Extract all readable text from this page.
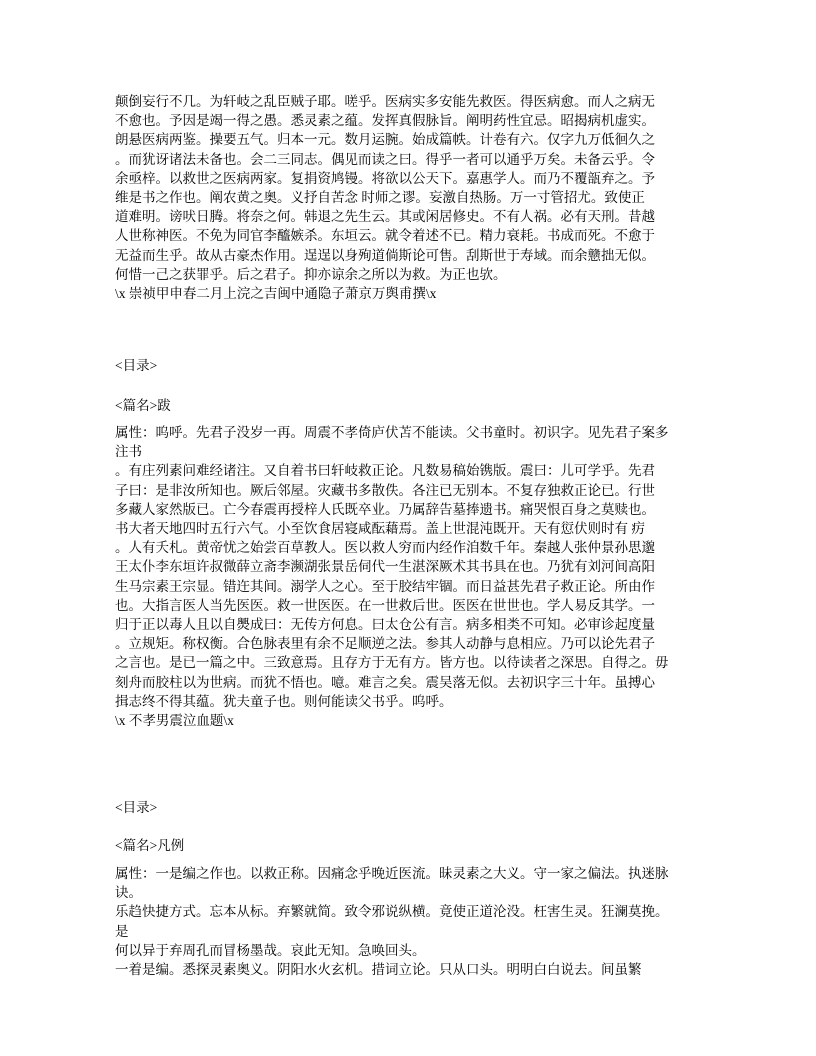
颠倒妄行不几。为轩岐之乱臣贼子耶。嗟乎。医病实多安能先救医。得医病愈。而人之病无
不愈也。予因是竭一得之愚。悉灵素之蕴。发挥真假脉旨。阐明药性宜忌。昭揭病机虚实。
朗悬医病两鉴。操要五气。归本一元。数月运腕。始成篇帙。计卷有六。仅字九万低徊久之
。而犹讶诸法未备也。会二三同志。偶见而读之曰。得乎一者可以通乎万矣。未备云乎。令
余亟梓。以救世之医病两家。复捐资鸠镘。将欲以公天下。嘉惠学人。而乃不覆瓿弃之。予
维是书之作也。阐农黄之奥。义抒自苦念 时师之谬。妄激自热肠。万一寸管招尤。致使正
道难明。谤吠日腾。将奈之何。韩退之先生云。其或闲居修史。不有人祸。必有天刑。昔越
人世称神医。不免为同官李醯嫉杀。东垣云。就令着述不已。精力衰耗。书成而死。不愈于
无益而生乎。故从古豪杰作用。逞逞以身殉道倘斯论可售。刮斯世于寿域。而余戆拙无似。
何惜一己之获罪乎。后之君子。抑亦谅余之所以为救。为正也欤。
\x 崇祯甲申春二月上浣之吉闽中通隐子萧京万舆甫撰\x
<目录>
<篇名>跋
属性：呜呼。先君子没岁一再。周震不孝倚庐伏苫不能读。父书童时。初识字。见先君子案多
注书
。有庄列素问难经诸注。又自着书曰轩岐救正论。凡数易稿始镌版。震曰：儿可学乎。先君
子曰：是非汝所知也。厥后邻屋。灾藏书多散佚。各注已无别本。不复存独救正论已。行世
多藏人家然版已。亡今春震再授梓人氏既卒业。乃属辞告墓捧遗书。痛哭恨百身之莫赎也。
书大者天地四时五行六气。小至饮食居寝咸酝藉焉。盖上世混沌既开。天有愆伏则时有 疠
。人有夭札。黄帝忧之始尝百草教人。医以救人穷而内经作洎数千年。秦越人张仲景孙思邈
王太仆李东垣许叔微薛立斋李濒湖张景岳伺代一生湛深厥术其书具在也。乃犹有刘河间高阳
生马宗素王宗显。错迕其间。溺学人之心。至于胶结牢锢。而日益甚先君子救正论。所由作
也。大指言医人当先医医。救一世医医。在一世救后世。医医在世世也。学人易反其学。一
归于正以毒人且以自爂成曰：无传方何息。曰太仓公有言。病多相类不可知。必审诊起度量
。立规矩。称权衡。合色脉表里有余不足顺逆之法。参其人动静与息相应。乃可以论先君子
之言也。是已一篇之中。三致意焉。且存方于无有方。皆方也。以待读者之深思。自得之。毋
刻舟而胶柱以为世病。而犹不悟也。噫。难言之矣。震吴落无似。去初识字三十年。虽搏心
揖志终不得其蕴。犹夫童子也。则何能读父书乎。呜呼。
\x 不孝男震泣血题\x
<目录>
<篇名>凡例
属性：一是编之作也。以救正称。因痛念乎晚近医流。昧灵素之大义。守一家之偏法。执迷脉
诀。
乐趋快捷方式。忘本从标。弃繁就简。致令邪说纵横。竟使正道沦没。枉害生灵。狂澜莫挽。
是
何以异于弃周孔而冒杨墨哉。哀此无知。急唤回头。
一着是编。悉探灵素奥义。阴阳水火玄机。措词立论。只从口头。明明白白说去。间虽繁
